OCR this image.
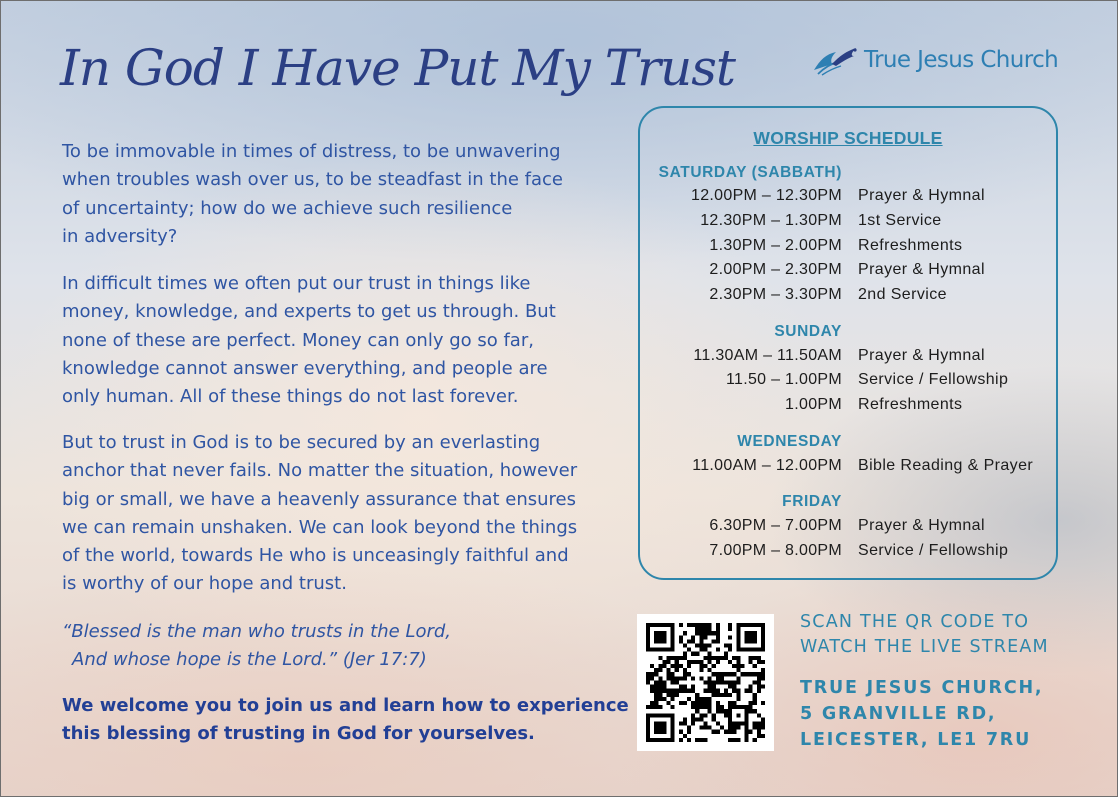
In God I Have Put My Trust	True Jesus Church
To be immovable in times of distress, to be unwavering
when troubles wash over us, to be steadfast in the face
of uncertainty; how do we achieve such resilience
in adversity?
In difficult times we often put our trust in things like
money, knowledge, and experts to get us through. But
none of these are perfect. Money can only go so far,
knowledge cannot answer everything, and people are
only human. All of these things do not last forever.
But to trust in God is to be secured by an everlasting
anchor that never fails. No matter the situation, however
big or small, we have a heavenly assurance that ensures
we can remain unshaken. We can look beyond the things
of the world, towards He who is unceasingly faithful and
is worthy of our hope and trust.
“Blessed is the man who trusts in the Lord,
And whose hope is the Lord.” (Jer 17:7)
We welcome you to join us and learn how to experience
this blessing of trusting in God for yourselves.
WORSHIP SCHEDULE
SATURDAY (SABBATH)
12.00PM – 12.30PM Prayer & Hymnal
12.30PM – 1.30PM 1st Service
1.30PM – 2.00PM Refreshments
2.00PM – 2.30PM Prayer & Hymnal
2.30PM – 3.30PM 2nd Service
SUNDAY
11.30AM – 11.50AM Prayer & Hymnal
11.50 – 1.00PM Service / Fellowship
1.00PM Refreshments
WEDNESDAY
11.00AM – 12.00PM Bible Reading & Prayer
FRIDAY
6.30PM – 7.00PM Prayer & Hymnal
7.00PM – 8.00PM Service / Fellowship
SCAN THE QR CODE TO
WATCH THE LIVE STREAM
TRUE JESUS CHURCH,
5 GRANVILLE RD,
LEICESTER, LE1 7RU
